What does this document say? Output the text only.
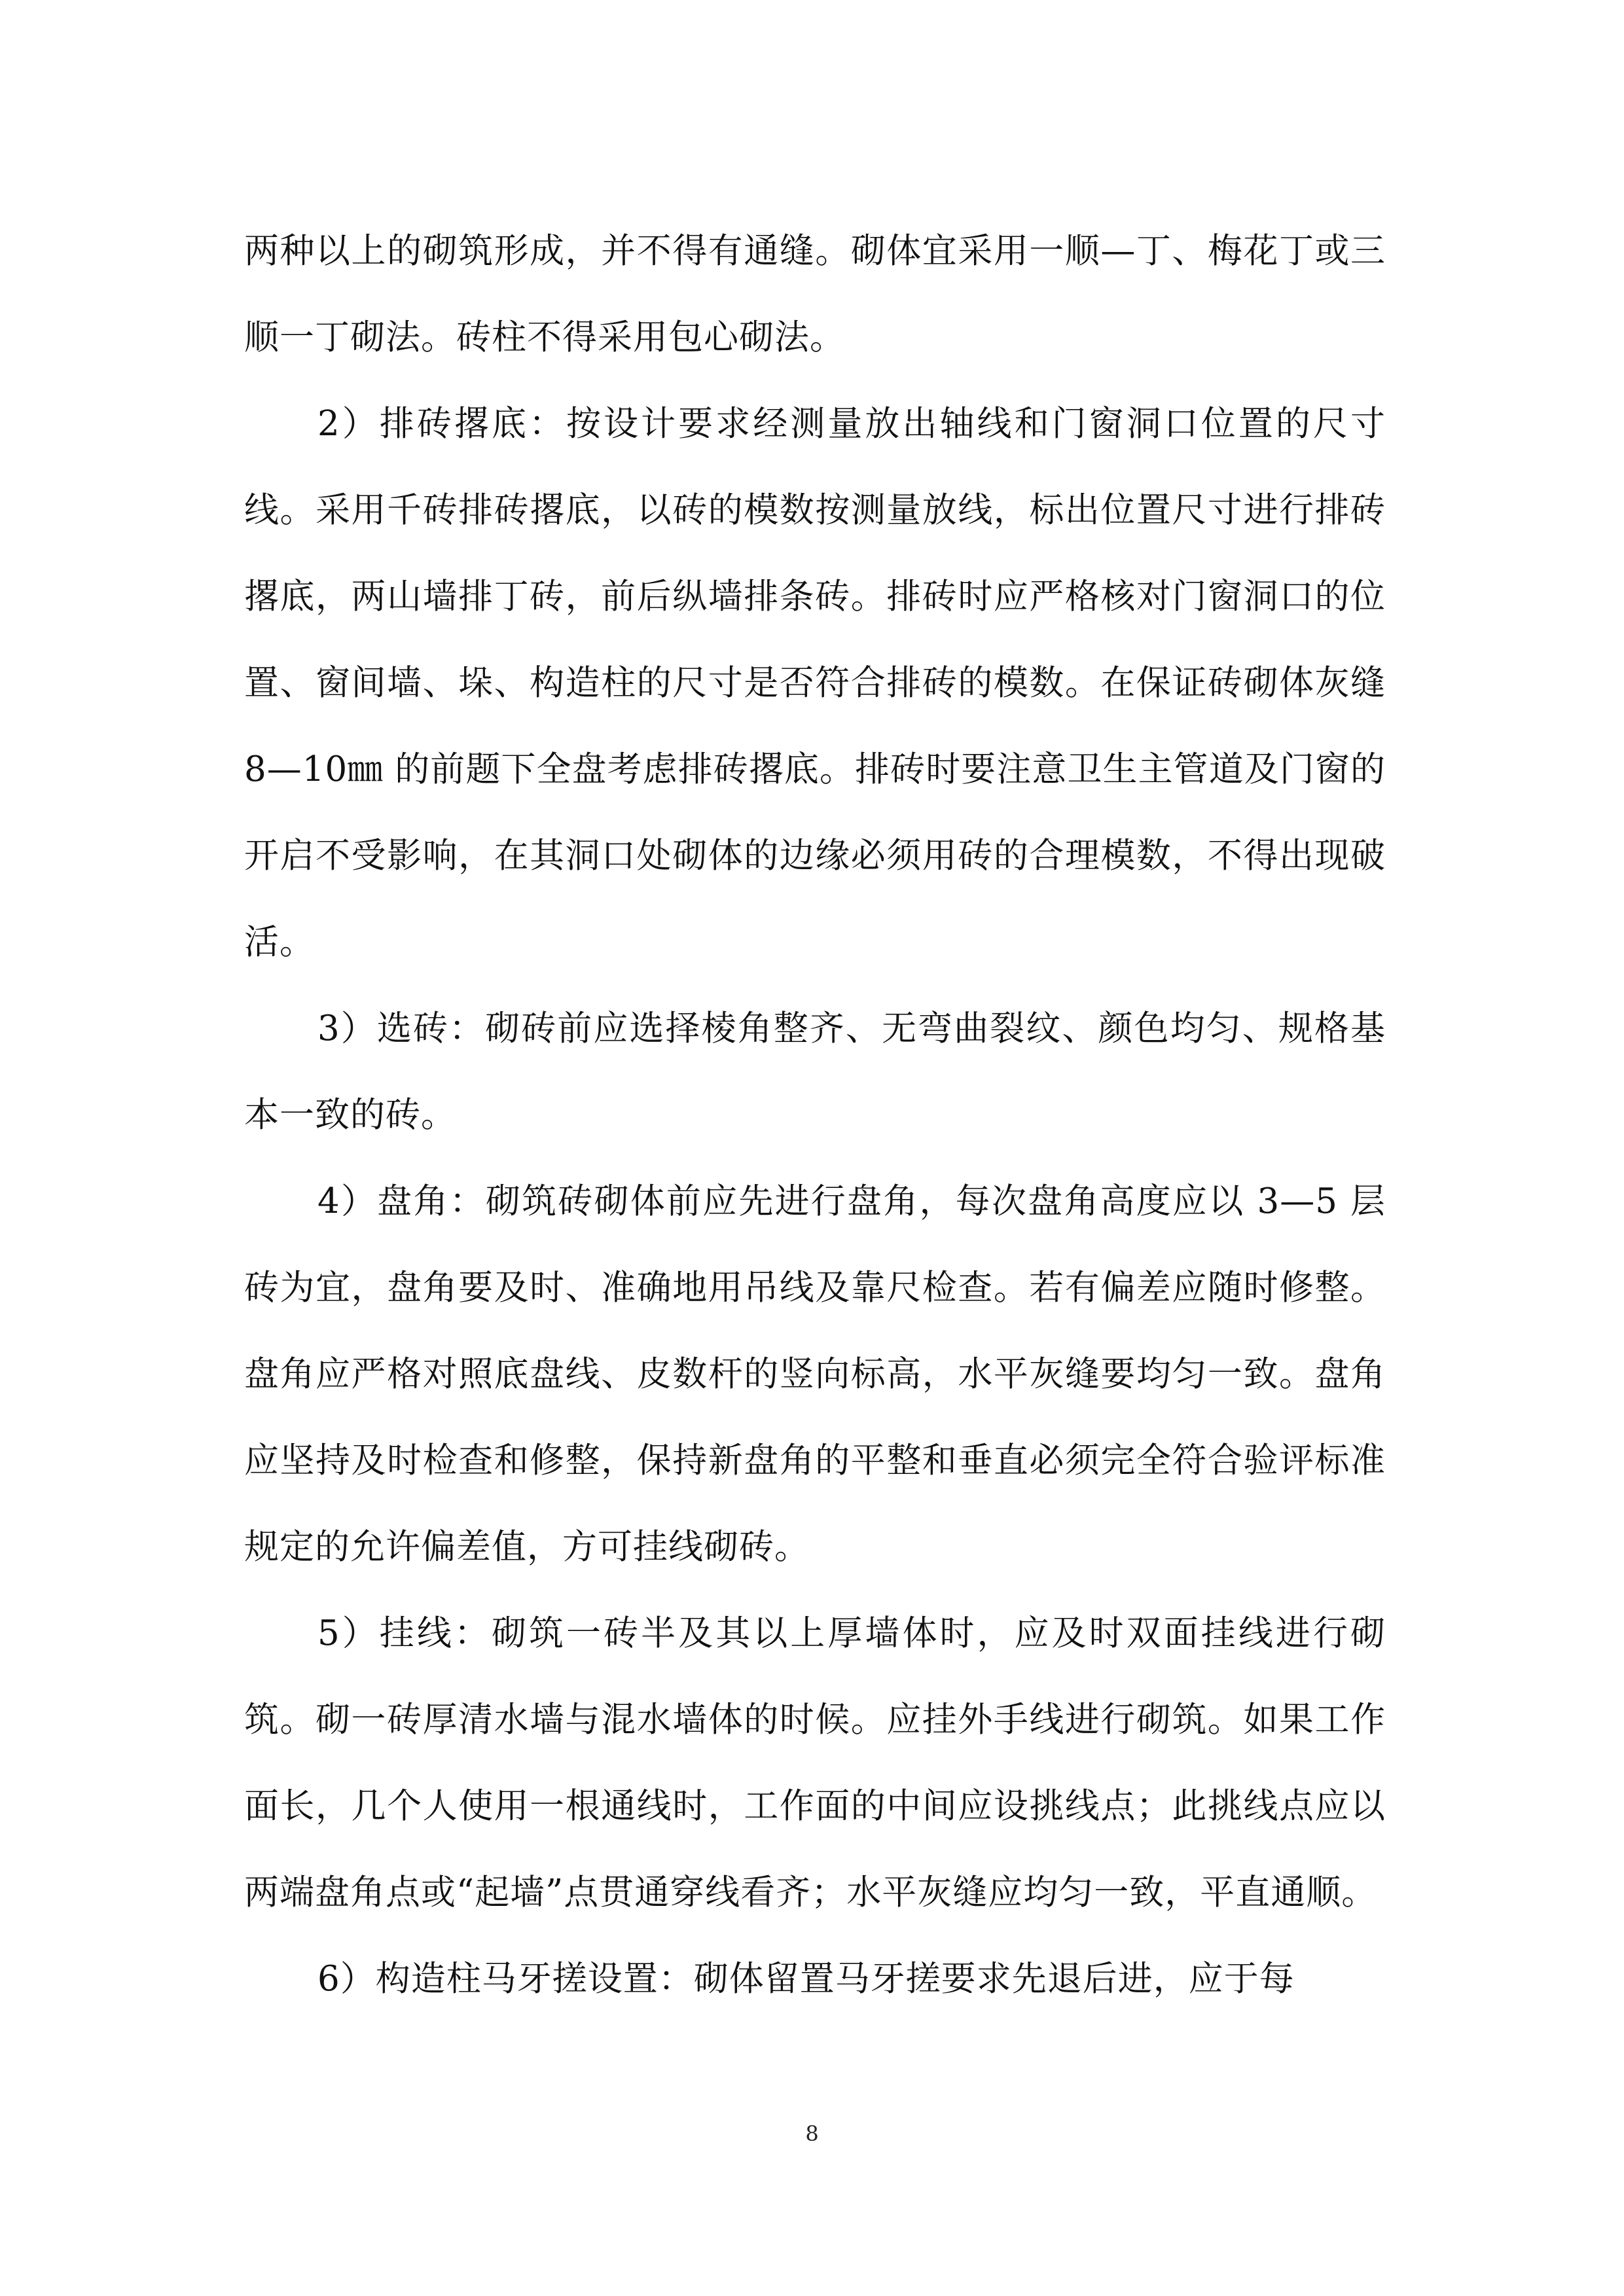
两种以上的砌筑形成，并不得有通缝。砌体宜采用一顺—丁、梅花丁或三顺一丁砌法。砖柱不得采用包心砌法。

2）排砖撂底：按设计要求经测量放出轴线和门窗洞口位置的尺寸线。采用千砖排砖撂底，以砖的模数按测量放线，标出位置尺寸进行排砖撂底，两山墙排丁砖，前后纵墙排条砖。排砖时应严格核对门窗洞口的位置、窗间墙、垛、构造柱的尺寸是否符合排砖的模数。在保证砖砌体灰缝 8—10㎜ 的前题下全盘考虑排砖撂底。排砖时要注意卫生主管道及门窗的开启不受影响，在其洞口处砌体的边缘必须用砖的合理模数，不得出现破活。

3）选砖：砌砖前应选择棱角整齐、无弯曲裂纹、颜色均匀、规格基本一致的砖。

4）盘角：砌筑砖砌体前应先进行盘角，每次盘角高度应以 3—5 层砖为宜，盘角要及时、准确地用吊线及靠尺检查。若有偏差应随时修整。盘角应严格对照底盘线、皮数杆的竖向标高，水平灰缝要均匀一致。盘角应坚持及时检查和修整，保持新盘角的平整和垂直必须完全符合验评标准规定的允许偏差值，方可挂线砌砖。

5）挂线：砌筑一砖半及其以上厚墙体时，应及时双面挂线进行砌筑。砌一砖厚清水墙与混水墙体的时候。应挂外手线进行砌筑。如果工作面长，几个人使用一根通线时，工作面的中间应设挑线点；此挑线点应以两端盘角点或“起墙”点贯通穿线看齐；水平灰缝应均匀一致，平直通顺。

6）构造柱马牙搓设置：砌体留置马牙搓要求先退后进，应于每

8
